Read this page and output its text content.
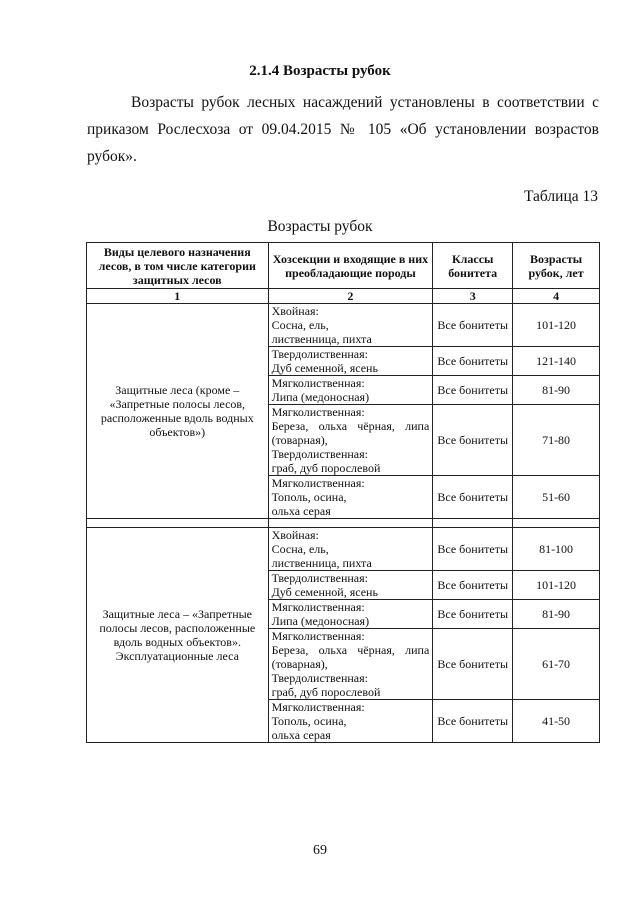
2.1.4 Возрасты рубок
Возрасты рубок лесных насаждений установлены в соответствии с
приказом Рослесхоза от 09.04.2015 № 105 «Об установлении возрастов
рубок».
Таблица 13
Возрасты рубок
Виды целевого назначения лесов, в том числе категории защитных лесов	Хозсекции и входящие в них преобладающие породы	Классы бонитета	Возрасты рубок, лет
1	2	3	4
Защитные леса (кроме – «Запретные полосы лесов, расположенные вдоль водных объектов»)	Хвойная:
Сосна, ель,
лиственница, пихта	Все бонитеты	101-120

	Твердолиственная:
Дуб семенной, ясень	Все бонитеты	121-140

	Мягколиственная:
Липа (медоносная)	Все бонитеты	81-90

	Мягколиственная:
Береза, ольха чёрная, липа
(товарная),
Твердолиственная:
граб, дуб порослевой	Все бонитеты	71-80

	Мягколиственная:
Тополь, осина,
ольха серая	Все бонитеты	51-60

Защитные леса – «Запретные полосы лесов, расположенные вдоль водных объектов». Эксплуатационные леса	Хвойная:
Сосна, ель,
лиственница, пихта	Все бонитеты	81-100

	Твердолиственная:
Дуб семенной, ясень	Все бонитеты	101-120

	Мягколиственная:
Липа (медоносная)	Все бонитеты	81-90

	Мягколиственная:
Береза, ольха чёрная, липа
(товарная),
Твердолиственная:
граб, дуб порослевой	Все бонитеты	61-70

	Мягколиственная:
Тополь, осина,
ольха серая	Все бонитеты	41-50
69
